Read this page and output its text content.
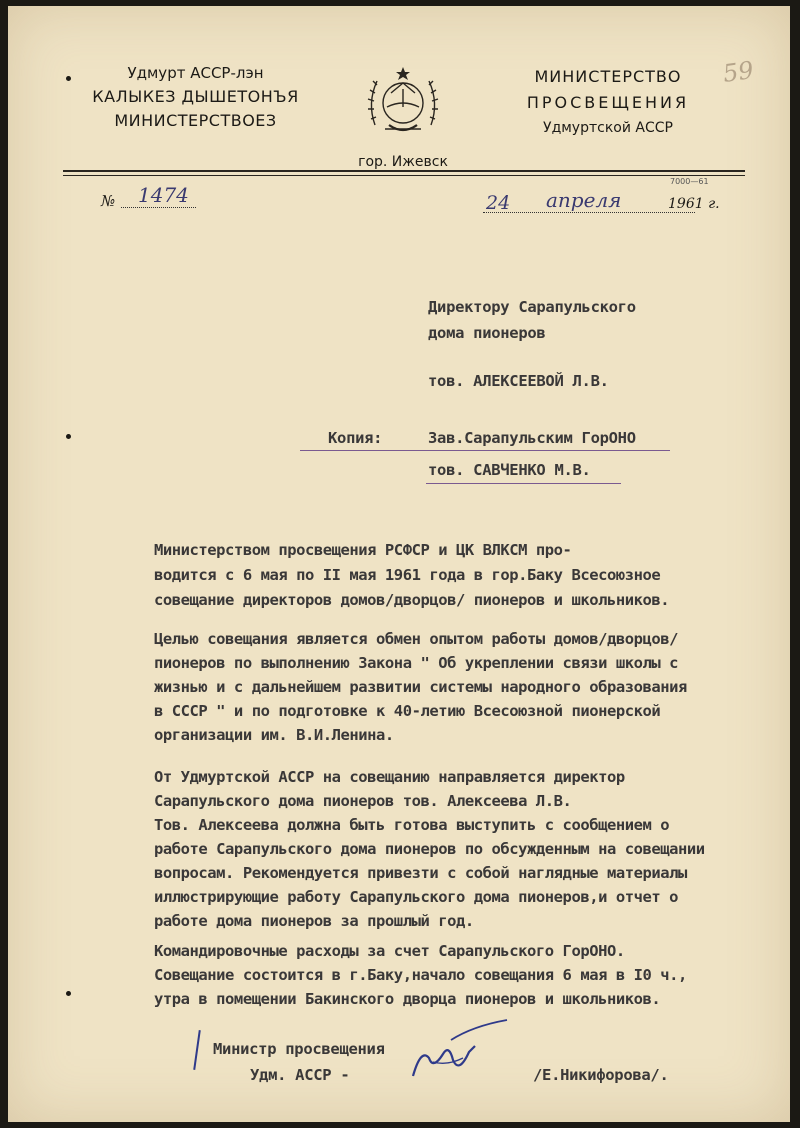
Удмурт АССР-лэн
КАЛЫКЕЗ ДЫШЕТОНЪЯ
МИНИСТЕРСТВОЕЗ
МИНИСТЕРСТВО
ПРОСВЕЩЕНИЯ
Удмуртской АССР
59
гор. Ижевск
7000—61
№ 1474	24 апреля	1961 г.
Директору Сарапульского
дома пионеров
тов. АЛЕКСЕЕВОЙ Л.В.
Копия:	Зав.Сарапульским ГорОНО
тов. САВЧЕНКО М.В.
Министерством просвещения РСФСР и ЦК ВЛКСМ про-
водится с 6 мая по II мая 1961 года в гор.Баку Всесоюзное
совещание директоров домов/дворцов/ пионеров и школьников.
Целью совещания является обмен опытом работы домов/дворцов/
пионеров по выполнению Закона " Об укреплении связи школы с
жизнью и с дальнейшем развитии системы народного образования
в СССР " и по подготовке к 40-летию Всесоюзной пионерской
организации им. В.И.Ленина.
От Удмуртской АССР на совещанию направляется директор
Сарапульского дома пионеров тов. Алексеева Л.В.
Тов. Алексеева должна быть готова выступить с сообщением о
работе Сарапульского дома пионеров по обсужденным на совещании
вопросам. Рекомендуется привезти с собой наглядные материалы
иллюстрирующие работу Сарапульского дома пионеров,и отчет о
работе дома пионеров за прошлый год.
Командировочные расходы за счет Сарапульского ГорОНО.
Совещание состоится в г.Баку,начало совещания 6 мая в I0 ч.,
утра в помещении Бакинского дворца пионеров и школьников.
Министр просвещения
Удм. АССР -	/Е.Никифорова/.
